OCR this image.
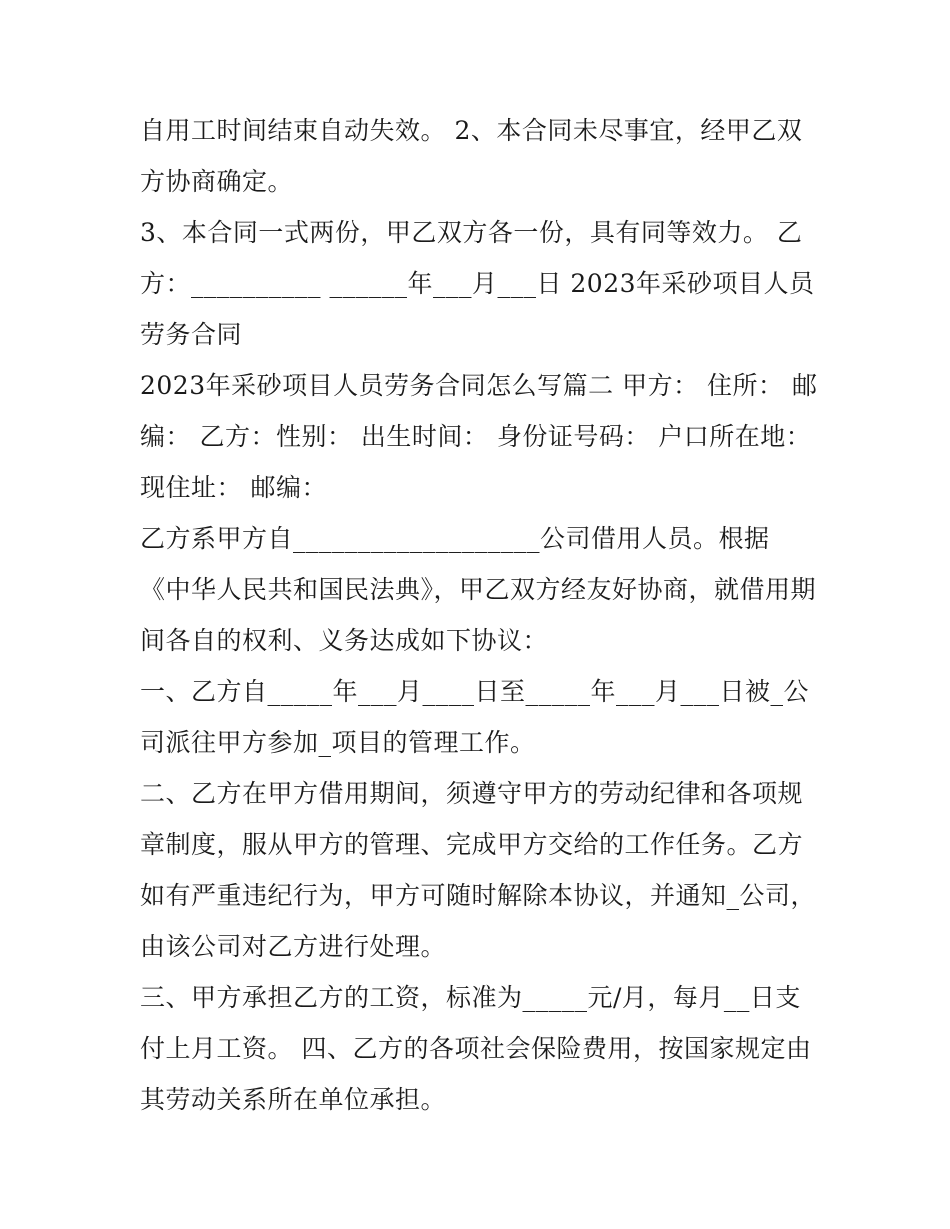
自用工时间结束自动失效。 2、本合同未尽事宜，经甲乙双方协商确定。

3、本合同一式两份，甲乙双方各一份，具有同等效力。 乙方：__________ ______年___月___日 2023年采砂项目人员劳务合同

2023年采砂项目人员劳务合同怎么写篇二 甲方： 住所： 邮编： 乙方：性别： 出生时间： 身份证号码： 户口所在地： 现住址： 邮编：

乙方系甲方自___________________公司借用人员。根据《中华人民共和国民法典》，甲乙双方经友好协商，就借用期间各自的权利、义务达成如下协议：

一、乙方自_____年___月____日至_____年___月___日被_公司派往甲方参加_项目的管理工作。

二、乙方在甲方借用期间，须遵守甲方的劳动纪律和各项规章制度，服从甲方的管理、完成甲方交给的工作任务。乙方如有严重违纪行为，甲方可随时解除本协议，并通知_公司，由该公司对乙方进行处理。

三、甲方承担乙方的工资，标准为_____元/月，每月__日支付上月工资。 四、乙方的各项社会保险费用，按国家规定由其劳动关系所在单位承担。
